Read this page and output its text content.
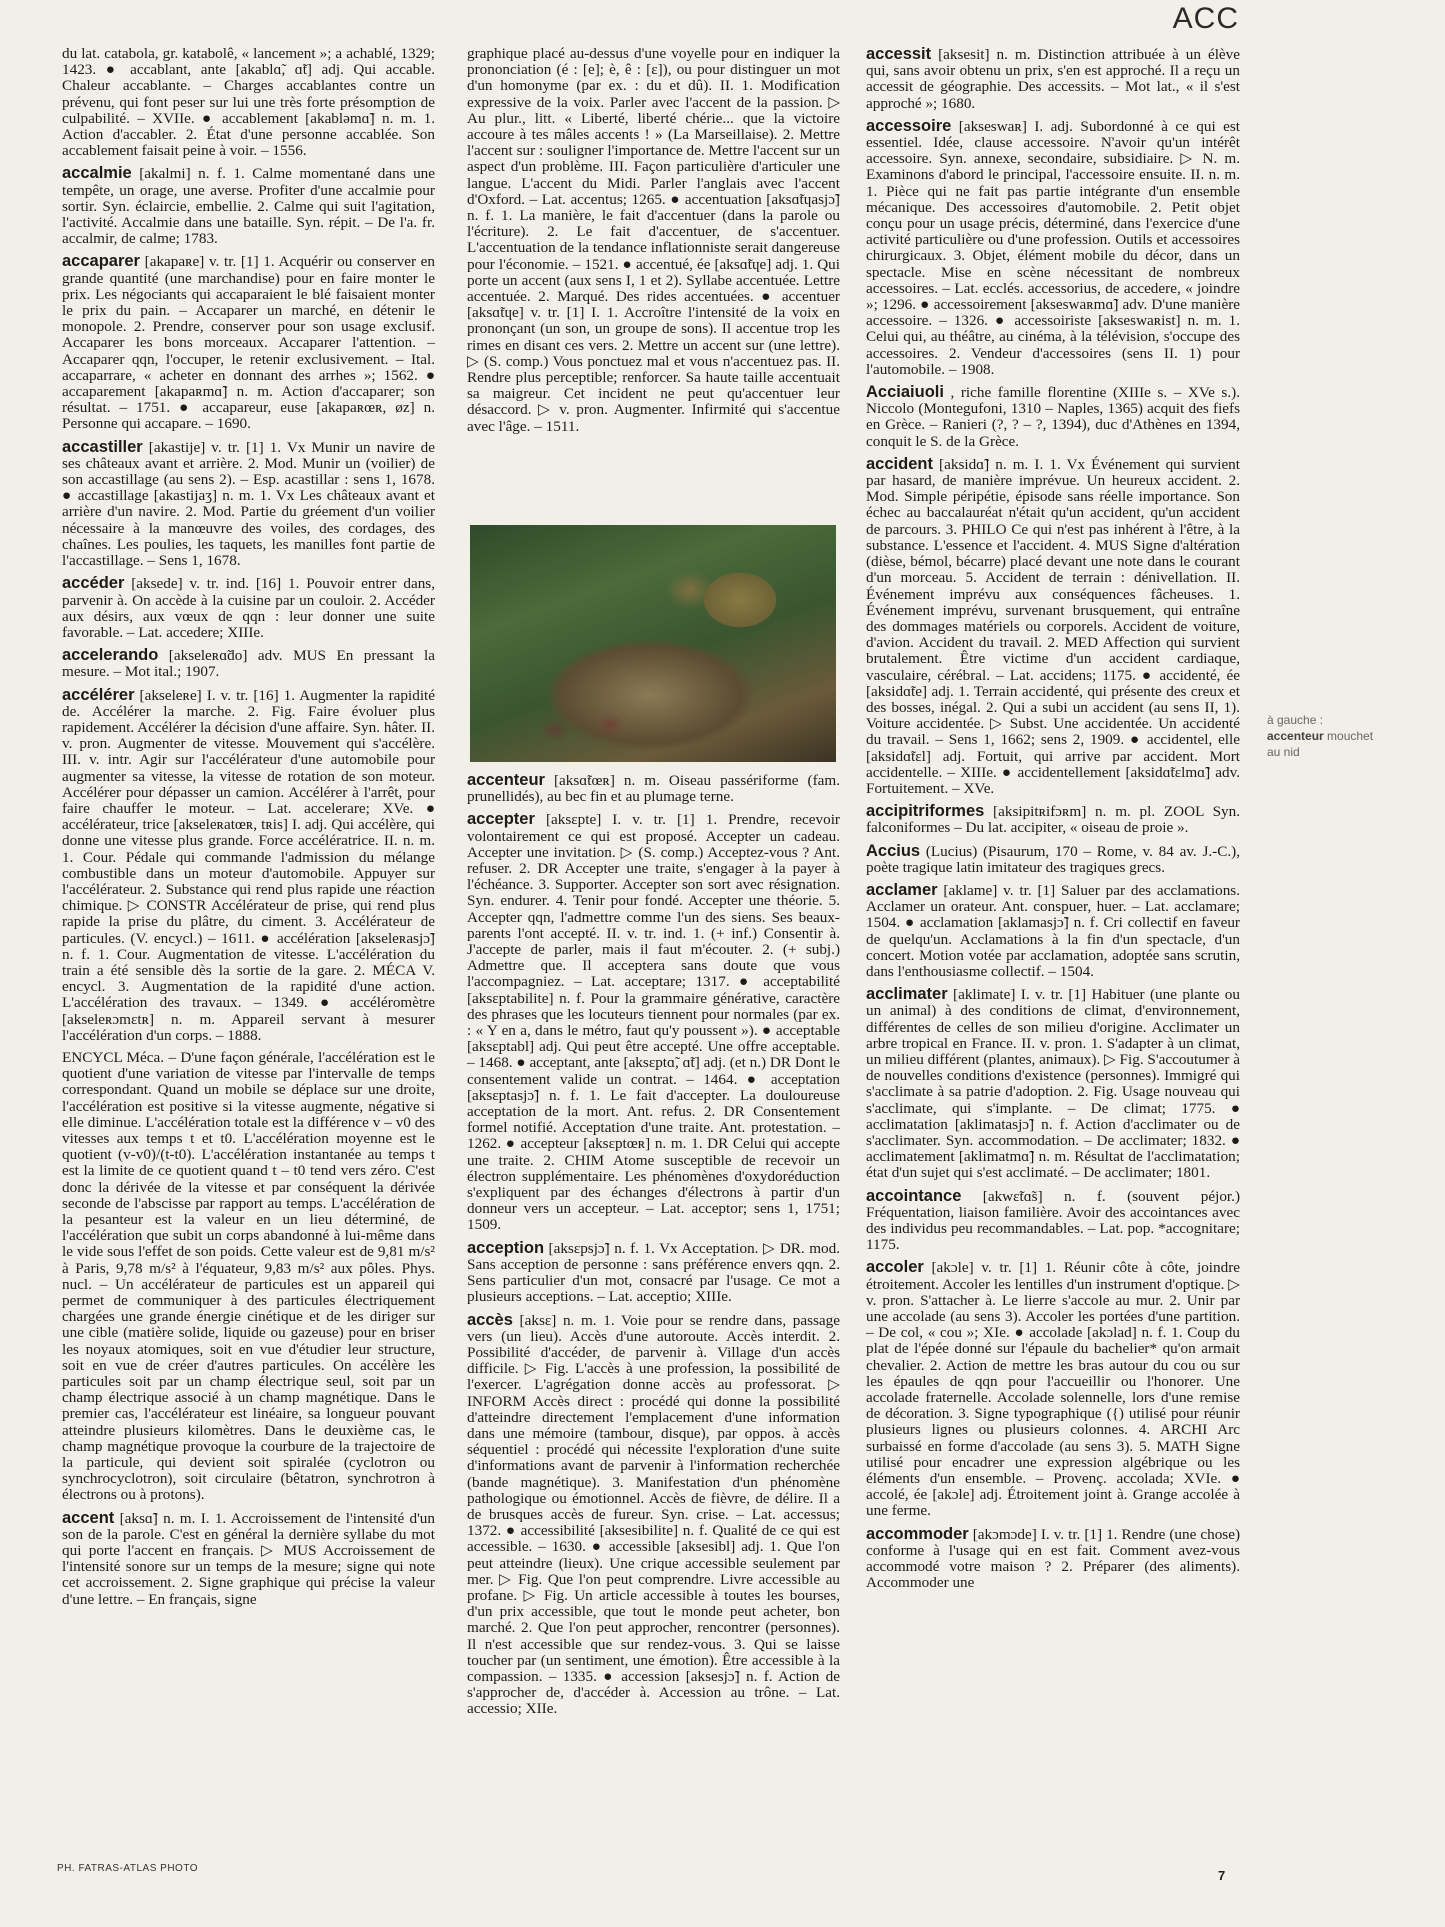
ACC

du lat. catabola, gr. katabolê, « lancement »; a achablé, 1329; 1423. ● accablant, ante [akablɑ̃, ɑ̃t] adj. Qui accable. Chaleur accablante. – Charges accablantes contre un prévenu, qui font peser sur lui une très forte présomption de culpabilité. – XVIIe. ● accablement [akabləmɑ̃] n. m. 1. Action d'accabler. 2. État d'une personne accablée. Son accablement faisait peine à voir. – 1556.

accalmie [akalmi] n. f. 1. Calme momentané dans une tempête, un orage, une averse. Profiter d'une accalmie pour sortir. Syn. éclaircie, embellie. 2. Calme qui suit l'agitation, l'activité. Accalmie dans une bataille. Syn. répit. – De l'a. fr. accalmir, de calme; 1783.

accaparer [akapaʀe] v. tr. [1] 1. Acquérir ou conserver en grande quantité (une marchandise) pour en faire monter le prix. Les négociants qui accaparaient le blé faisaient monter le prix du pain. – Accaparer un marché, en détenir le monopole. 2. Prendre, conserver pour son usage exclusif. Accaparer les bons morceaux. Accaparer l'attention. – Accaparer qqn, l'occuper, le retenir exclusivement. – Ital. accaparrare, « acheter en donnant des arrhes »; 1562. ● accaparement [akapaʀmɑ̃] n. m. Action d'accaparer; son résultat. – 1751. ● accapareur, euse [akapaʀœʀ, øz] n. Personne qui accapare. – 1690.

accastiller [akastije] v. tr. [1] 1. Vx Munir un navire de ses châteaux avant et arrière. 2. Mod. Munir un (voilier) de son accastillage (au sens 2). – Esp. acastillar : sens 1, 1678. ● accastillage [akastijaʒ] n. m. 1. Vx Les châteaux avant et arrière d'un navire. 2. Mod. Partie du gréement d'un voilier nécessaire à la manœuvre des voiles, des cordages, des chaînes. Les poulies, les taquets, les manilles font partie de l'accastillage. – Sens 1, 1678.

accéder [aksede] v. tr. ind. [16] 1. Pouvoir entrer dans, parvenir à. On accède à la cuisine par un couloir. 2. Accéder aux désirs, aux vœux de qqn : leur donner une suite favorable. – Lat. accedere; XIIIe.

accelerando [akseleʀɑ̃do] adv. MUS En pressant la mesure. – Mot ital.; 1907.

accélérer [akseleʀe] I. v. tr. [16] 1. Augmenter la rapidité de. Accélérer la marche. 2. Fig. Faire évoluer plus rapidement. Accélérer la décision d'une affaire. Syn. hâter. II. v. pron. Augmenter de vitesse. Mouvement qui s'accélère. III. v. intr. Agir sur l'accélérateur d'une automobile pour augmenter sa vitesse, la vitesse de rotation de son moteur. Accélérer pour dépasser un camion. Accélérer à l'arrêt, pour faire chauffer le moteur. – Lat. accelerare; XVe. ● accélérateur, trice [akseleʀatœʀ, tʀis] I. adj. Qui accélère, qui donne une vitesse plus grande. Force accélératrice. II. n. m. 1. Cour. Pédale qui commande l'admission du mélange combustible dans un moteur d'automobile. Appuyer sur l'accélérateur. 2. Substance qui rend plus rapide une réaction chimique. ▷ CONSTR Accélérateur de prise, qui rend plus rapide la prise du plâtre, du ciment. 3. Accélérateur de particules. (V. encycl.) – 1611. ● accélération [akseleʀasjɔ̃] n. f. 1. Cour. Augmentation de vitesse. L'accélération du train a été sensible dès la sortie de la gare. 2. MÉCA V. encycl. 3. Augmentation de la rapidité d'une action. L'accélération des travaux. – 1349. ● accéléromètre [akseleʀɔmɛtʀ] n. m. Appareil servant à mesurer l'accélération d'un corps. – 1888.

ENCYCL Méca. – D'une façon générale, l'accélération est le quotient d'une variation de vitesse par l'intervalle de temps correspondant. Quand un mobile se déplace sur une droite, l'accélération est positive si la vitesse augmente, négative si elle diminue. L'accélération totale est la différence v – v0 des vitesses aux temps t et t0. L'accélération moyenne est le quotient (v-v0)/(t-t0). L'accélération instantanée au temps t est la limite de ce quotient quand t – t0 tend vers zéro. C'est donc la dérivée de la vitesse et par conséquent la dérivée seconde de l'abscisse par rapport au temps. L'accélération de la pesanteur est la valeur en un lieu déterminé, de l'accélération que subit un corps abandonné à lui-même dans le vide sous l'effet de son poids. Cette valeur est de 9,81 m/s² à Paris, 9,78 m/s² à l'équateur, 9,83 m/s² aux pôles. Phys. nucl. – Un accélérateur de particules est un appareil qui permet de communiquer à des particules électriquement chargées une grande énergie cinétique et de les diriger sur une cible (matière solide, liquide ou gazeuse) pour en briser les noyaux atomiques, soit en vue d'étudier leur structure, soit en vue de créer d'autres particules. On accélère les particules soit par un champ électrique seul, soit par un champ électrique associé à un champ magnétique. Dans le premier cas, l'accélérateur est linéaire, sa longueur pouvant atteindre plusieurs kilomètres. Dans le deuxième cas, le champ magnétique provoque la courbure de la trajectoire de la particule, qui devient soit spiralée (cyclotron ou synchrocyclotron), soit circulaire (bêtatron, synchrotron à électrons ou à protons).

accent [aksɑ̃] n. m. I. 1. Accroissement de l'intensité d'un son de la parole. C'est en général la dernière syllabe du mot qui porte l'accent en français. ▷ MUS Accroissement de l'intensité sonore sur un temps de la mesure; signe qui note cet accroissement. 2. Signe graphique qui précise la valeur d'une lettre. – En français, signe

graphique placé au-dessus d'une voyelle pour en indiquer la prononciation (é : [e]; è, ê : [ɛ]), ou pour distinguer un mot d'un homonyme (par ex. : du et dû). II. 1. Modification expressive de la voix. Parler avec l'accent de la passion. ▷ Au plur., litt. « Liberté, liberté chérie... que la victoire accoure à tes mâles accents ! » (La Marseillaise). 2. Mettre l'accent sur : souligner l'importance de. Mettre l'accent sur un aspect d'un problème. III. Façon particulière d'articuler une langue. L'accent du Midi. Parler l'anglais avec l'accent d'Oxford. – Lat. accentus; 1265. ● accentuation [aksɑ̃tɥasjɔ̃] n. f. 1. La manière, le fait d'accentuer (dans la parole ou l'écriture). 2. Le fait d'accentuer, de s'accentuer. L'accentuation de la tendance inflationniste serait dangereuse pour l'économie. – 1521. ● accentué, ée [aksɑ̃tɥe] adj. 1. Qui porte un accent (aux sens I, 1 et 2). Syllabe accentuée. Lettre accentuée. 2. Marqué. Des rides accentuées. ● accentuer [aksɑ̃tɥe] v. tr. [1] I. 1. Accroître l'intensité de la voix en prononçant (un son, un groupe de sons). Il accentue trop les rimes en disant ces vers. 2. Mettre un accent sur (une lettre). ▷ (S. comp.) Vous ponctuez mal et vous n'accentuez pas. II. Rendre plus perceptible; renforcer. Sa haute taille accentuait sa maigreur. Cet incident ne peut qu'accentuer leur désaccord. ▷ v. pron. Augmenter. Infirmité qui s'accentue avec l'âge. – 1511.

accenteur [aksɑ̃tœʀ] n. m. Oiseau passériforme (fam. prunellidés), au bec fin et au plumage terne.

accepter [aksɛpte] I. v. tr. [1] 1. Prendre, recevoir volontairement ce qui est proposé. Accepter un cadeau. Accepter une invitation. ▷ (S. comp.) Acceptez-vous ? Ant. refuser. 2. DR Accepter une traite, s'engager à la payer à l'échéance. 3. Supporter. Accepter son sort avec résignation. Syn. endurer. 4. Tenir pour fondé. Accepter une théorie. 5. Accepter qqn, l'admettre comme l'un des siens. Ses beaux-parents l'ont accepté. II. v. tr. ind. 1. (+ inf.) Consentir à. J'accepte de parler, mais il faut m'écouter. 2. (+ subj.) Admettre que. Il acceptera sans doute que vous l'accompagniez. – Lat. acceptare; 1317. ● acceptabilité [aksɛptabilite] n. f. Pour la grammaire générative, caractère des phrases que les locuteurs tiennent pour normales (par ex. : « Y en a, dans le métro, faut qu'y poussent »). ● acceptable [aksɛptabl] adj. Qui peut être accepté. Une offre acceptable. – 1468. ● acceptant, ante [aksɛptɑ̃, ɑ̃t] adj. (et n.) DR Dont le consentement valide un contrat. – 1464. ● acceptation [aksɛptasjɔ̃] n. f. 1. Le fait d'accepter. La douloureuse acceptation de la mort. Ant. refus. 2. DR Consentement formel notifié. Acceptation d'une traite. Ant. protestation. – 1262. ● accepteur [aksɛptœʀ] n. m. 1. DR Celui qui accepte une traite. 2. CHIM Atome susceptible de recevoir un électron supplémentaire. Les phénomènes d'oxydoréduction s'expliquent par des échanges d'électrons à partir d'un donneur vers un accepteur. – Lat. acceptor; sens 1, 1751; 1509.

acception [aksɛpsjɔ̃] n. f. 1. Vx Acceptation. ▷ DR. mod. Sans acception de personne : sans préférence envers qqn. 2. Sens particulier d'un mot, consacré par l'usage. Ce mot a plusieurs acceptions. – Lat. acceptio; XIIIe.

accès [aksɛ] n. m. 1. Voie pour se rendre dans, passage vers (un lieu). Accès d'une autoroute. Accès interdit. 2. Possibilité d'accéder, de parvenir à. Village d'un accès difficile. ▷ Fig. L'accès à une profession, la possibilité de l'exercer. L'agrégation donne accès au professorat. ▷ INFORM Accès direct : procédé qui donne la possibilité d'atteindre directement l'emplacement d'une information dans une mémoire (tambour, disque), par oppos. à accès séquentiel : procédé qui nécessite l'exploration d'une suite d'informations avant de parvenir à l'information recherchée (bande magnétique). 3. Manifestation d'un phénomène pathologique ou émotionnel. Accès de fièvre, de délire. Il a de brusques accès de fureur. Syn. crise. – Lat. accessus; 1372. ● accessibilité [aksesibilite] n. f. Qualité de ce qui est accessible. – 1630. ● accessible [aksesibl] adj. 1. Que l'on peut atteindre (lieux). Une crique accessible seulement par mer. ▷ Fig. Que l'on peut comprendre. Livre accessible au profane. ▷ Fig. Un article accessible à toutes les bourses, d'un prix accessible, que tout le monde peut acheter, bon marché. 2. Que l'on peut approcher, rencontrer (personnes). Il n'est accessible que sur rendez-vous. 3. Qui se laisse toucher par (un sentiment, une émotion). Être accessible à la compassion. – 1335. ● accession [aksesjɔ̃] n. f. Action de s'approcher de, d'accéder à. Accession au trône. – Lat. accessio; XIIe.

accessit [aksesit] n. m. Distinction attribuée à un élève qui, sans avoir obtenu un prix, s'en est approché. Il a reçu un accessit de géographie. Des accessits. – Mot lat., « il s'est approché »; 1680.

accessoire [akseswaʀ] I. adj. Subordonné à ce qui est essentiel. Idée, clause accessoire. N'avoir qu'un intérêt accessoire. Syn. annexe, secondaire, subsidiaire. ▷ N. m. Examinons d'abord le principal, l'accessoire ensuite. II. n. m. 1. Pièce qui ne fait pas partie intégrante d'un ensemble mécanique. Des accessoires d'automobile. 2. Petit objet conçu pour un usage précis, déterminé, dans l'exercice d'une activité particulière ou d'une profession. Outils et accessoires chirurgicaux. 3. Objet, élément mobile du décor, dans un spectacle. Mise en scène nécessitant de nombreux accessoires. – Lat. ecclés. accessorius, de accedere, « joindre »; 1296. ● accessoirement [akseswaʀmɑ̃] adv. D'une manière accessoire. – 1326. ● accessoiriste [akseswaʀist] n. m. 1. Celui qui, au théâtre, au cinéma, à la télévision, s'occupe des accessoires. 2. Vendeur d'accessoires (sens II. 1) pour l'automobile. – 1908.

Acciaiuoli , riche famille florentine (XIIIe s. – XVe s.). Niccolo (Montegufoni, 1310 – Naples, 1365) acquit des fiefs en Grèce. – Ranieri (?, ? – ?, 1394), duc d'Athènes en 1394, conquit le S. de la Grèce.

accident [aksidɑ̃] n. m. I. 1. Vx Événement qui survient par hasard, de manière imprévue. Un heureux accident. 2. Mod. Simple péripétie, épisode sans réelle importance. Son échec au baccalauréat n'était qu'un accident, qu'un accident de parcours. 3. PHILO Ce qui n'est pas inhérent à l'être, à la substance. L'essence et l'accident. 4. MUS Signe d'altération (dièse, bémol, bécarre) placé devant une note dans le courant d'un morceau. 5. Accident de terrain : dénivellation. II. Événement imprévu aux conséquences fâcheuses. 1. Événement imprévu, survenant brusquement, qui entraîne des dommages matériels ou corporels. Accident de voiture, d'avion. Accident du travail. 2. MED Affection qui survient brutalement. Être victime d'un accident cardiaque, vasculaire, cérébral. – Lat. accidens; 1175. ● accidenté, ée [aksidɑ̃te] adj. 1. Terrain accidenté, qui présente des creux et des bosses, inégal. 2. Qui a subi un accident (au sens II, 1). Voiture accidentée. ▷ Subst. Une accidentée. Un accidenté du travail. – Sens 1, 1662; sens 2, 1909. ● accidentel, elle [aksidɑ̃tɛl] adj. Fortuit, qui arrive par accident. Mort accidentelle. – XIIIe. ● accidentellement [aksidɑ̃tɛlmɑ̃] adv. Fortuitement. – XVe.

accipitriformes [aksipitʀifɔʀm] n. m. pl. ZOOL Syn. falconiformes – Du lat. accipiter, « oiseau de proie ».

Accius (Lucius) (Pisaurum, 170 – Rome, v. 84 av. J.-C.), poète tragique latin imitateur des tragiques grecs.

acclamer [aklame] v. tr. [1] Saluer par des acclamations. Acclamer un orateur. Ant. conspuer, huer. – Lat. acclamare; 1504. ● acclamation [aklamasjɔ̃] n. f. Cri collectif en faveur de quelqu'un. Acclamations à la fin d'un spectacle, d'un concert. Motion votée par acclamation, adoptée sans scrutin, dans l'enthousiasme collectif. – 1504.

acclimater [aklimate] I. v. tr. [1] Habituer (une plante ou un animal) à des conditions de climat, d'environnement, différentes de celles de son milieu d'origine. Acclimater un arbre tropical en France. II. v. pron. 1. S'adapter à un climat, un milieu différent (plantes, animaux). ▷ Fig. S'accoutumer à de nouvelles conditions d'existence (personnes). Immigré qui s'acclimate à sa patrie d'adoption. 2. Fig. Usage nouveau qui s'acclimate, qui s'implante. – De climat; 1775. ● acclimatation [aklimatasjɔ̃] n. f. Action d'acclimater ou de s'acclimater. Syn. accommodation. – De acclimater; 1832. ● acclimatement [aklimatmɑ̃] n. m. Résultat de l'acclimatation; état d'un sujet qui s'est acclimaté. – De acclimater; 1801.

accointance [akwɛ̃tɑ̃s] n. f. (souvent péjor.) Fréquentation, liaison familière. Avoir des accointances avec des individus peu recommandables. – Lat. pop. *accognitare; 1175.

accoler [akɔle] v. tr. [1] 1. Réunir côte à côte, joindre étroitement. Accoler les lentilles d'un instrument d'optique. ▷ v. pron. S'attacher à. Le lierre s'accole au mur. 2. Unir par une accolade (au sens 3). Accoler les portées d'une partition. – De col, « cou »; XIe. ● accolade [akɔlad] n. f. 1. Coup du plat de l'épée donné sur l'épaule du bachelier* qu'on armait chevalier. 2. Action de mettre les bras autour du cou ou sur les épaules de qqn pour l'accueillir ou l'honorer. Une accolade fraternelle. Accolade solennelle, lors d'une remise de décoration. 3. Signe typographique ({) utilisé pour réunir plusieurs lignes ou plusieurs colonnes. 4. ARCHI Arc surbaissé en forme d'accolade (au sens 3). 5. MATH Signe utilisé pour encadrer une expression algébrique ou les éléments d'un ensemble. – Provenç. accolada; XVIe. ● accolé, ée [akɔle] adj. Étroitement joint à. Grange accolée à une ferme.

accommoder [akɔmɔde] I. v. tr. [1] 1. Rendre (une chose) conforme à l'usage qui en est fait. Comment avez-vous accommodé votre maison ? 2. Préparer (des aliments). Accommoder une

à gauche :
accenteur mouchet
au nid
PH. FATRAS-ATLAS PHOTO	7
